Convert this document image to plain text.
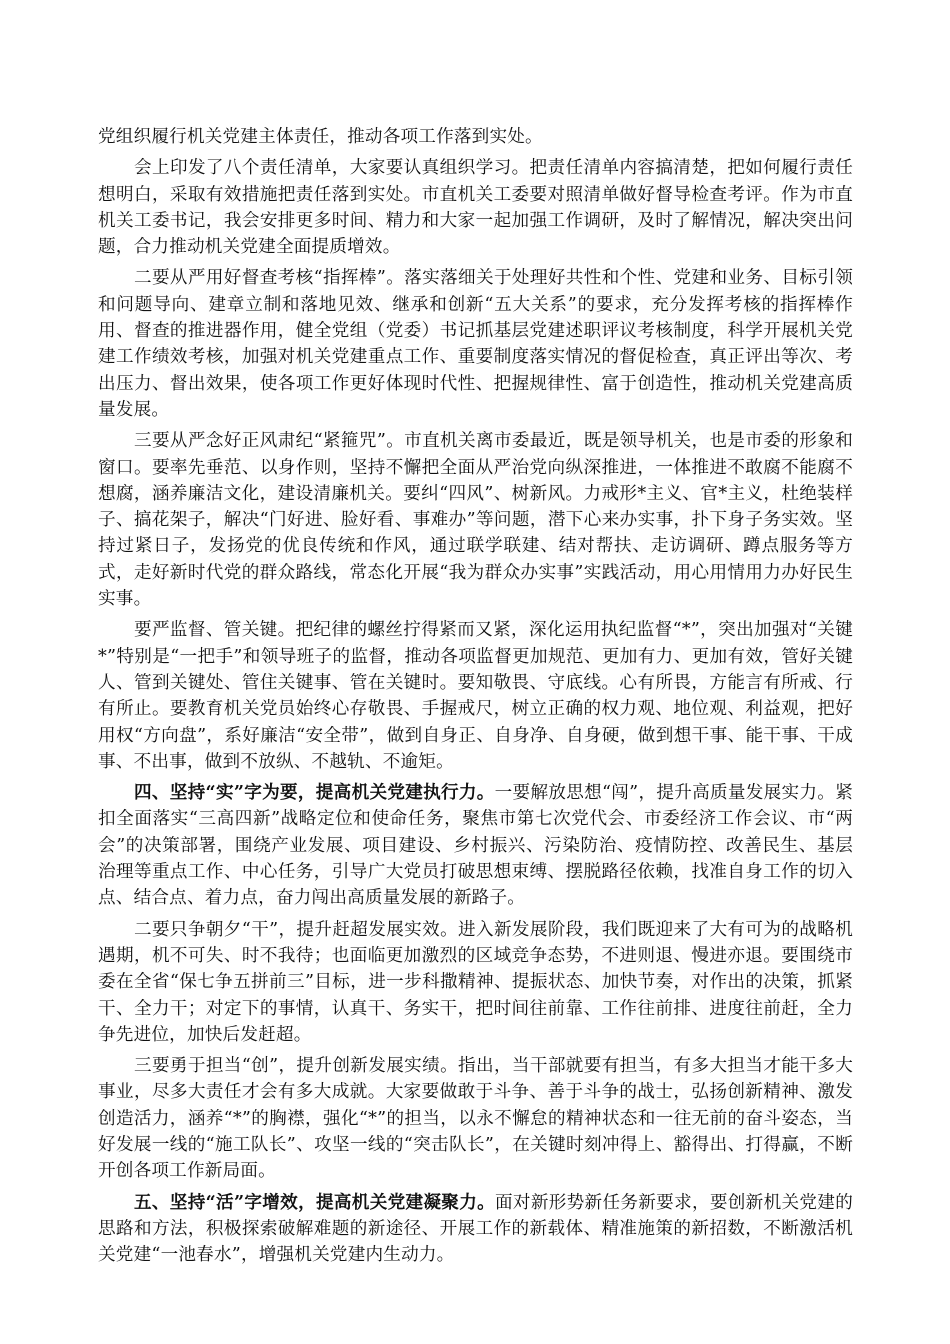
党组织履行机关党建主体责任，推动各项工作落到实处。

会上印发了八个责任清单，大家要认真组织学习。把责任清单内容搞清楚，把如何履行责任想明白，采取有效措施把责任落到实处。市直机关工委要对照清单做好督导检查考评。作为市直机关工委书记，我会安排更多时间、精力和大家一起加强工作调研，及时了解情况，解决突出问题，合力推动机关党建全面提质增效。

二要从严用好督查考核“指挥棒”。落实落细关于处理好共性和个性、党建和业务、目标引领和问题导向、建章立制和落地见效、继承和创新“五大关系”的要求，充分发挥考核的指挥棒作用、督查的推进器作用，健全党组（党委）书记抓基层党建述职评议考核制度，科学开展机关党建工作绩效考核，加强对机关党建重点工作、重要制度落实情况的督促检查，真正评出等次、考出压力、督出效果，使各项工作更好体现时代性、把握规律性、富于创造性，推动机关党建高质量发展。

三要从严念好正风肃纪“紧箍咒”。市直机关离市委最近，既是领导机关，也是市委的形象和窗口。要率先垂范、以身作则，坚持不懈把全面从严治党向纵深推进，一体推进不敢腐不能腐不想腐，涵养廉洁文化，建设清廉机关。要纠“四风”、树新风。力戒形*主义、官*主义，杜绝装样子、搞花架子，解决“门好进、脸好看、事难办”等问题，潜下心来办实事，扑下身子务实效。坚持过紧日子，发扬党的优良传统和作风，通过联学联建、结对帮扶、走访调研、蹲点服务等方式，走好新时代党的群众路线，常态化开展“我为群众办实事”实践活动，用心用情用力办好民生实事。

要严监督、管关键。把纪律的螺丝拧得紧而又紧，深化运用执纪监督“*”，突出加强对“关键*”特别是“一把手”和领导班子的监督，推动各项监督更加规范、更加有力、更加有效，管好关键人、管到关键处、管住关键事、管在关键时。要知敬畏、守底线。心有所畏，方能言有所戒、行有所止。要教育机关党员始终心存敬畏、手握戒尺，树立正确的权力观、地位观、利益观，把好用权“方向盘”，系好廉洁“安全带”，做到自身正、自身净、自身硬，做到想干事、能干事、干成事、不出事，做到不放纵、不越轨、不逾矩。

四、坚持“实”字为要，提高机关党建执行力。一要解放思想“闯”，提升高质量发展实力。紧扣全面落实“三高四新”战略定位和使命任务，聚焦市第七次党代会、市委经济工作会议、市“两会”的决策部署，围绕产业发展、项目建设、乡村振兴、污染防治、疫情防控、改善民生、基层治理等重点工作、中心任务，引导广大党员打破思想束缚、摆脱路径依赖，找准自身工作的切入点、结合点、着力点，奋力闯出高质量发展的新路子。

二要只争朝夕“干”，提升赶超发展实效。进入新发展阶段，我们既迎来了大有可为的战略机遇期，机不可失、时不我待；也面临更加激烈的区域竞争态势，不进则退、慢进亦退。要围绕市委在全省“保七争五拼前三”目标，进一步科撒精神、提振状态、加快节奏，对作出的决策，抓紧干、全力干；对定下的事情，认真干、务实干，把时间往前靠、工作往前排、进度往前赶，全力争先进位，加快后发赶超。

三要勇于担当“创”，提升创新发展实绩。指出，当干部就要有担当，有多大担当才能干多大事业，尽多大责任才会有多大成就。大家要做敢于斗争、善于斗争的战士，弘扬创新精神、激发创造活力，涵养“*”的胸襟，强化“*”的担当，以永不懈怠的精神状态和一往无前的奋斗姿态，当好发展一线的“施工队长”、攻坚一线的“突击队长”，在关键时刻冲得上、豁得出、打得赢，不断开创各项工作新局面。

五、坚持“活”字增效，提高机关党建凝聚力。面对新形势新任务新要求，要创新机关党建的思路和方法，积极探索破解难题的新途径、开展工作的新载体、精准施策的新招数，不断激活机关党建“一池春水”，增强机关党建内生动力。
